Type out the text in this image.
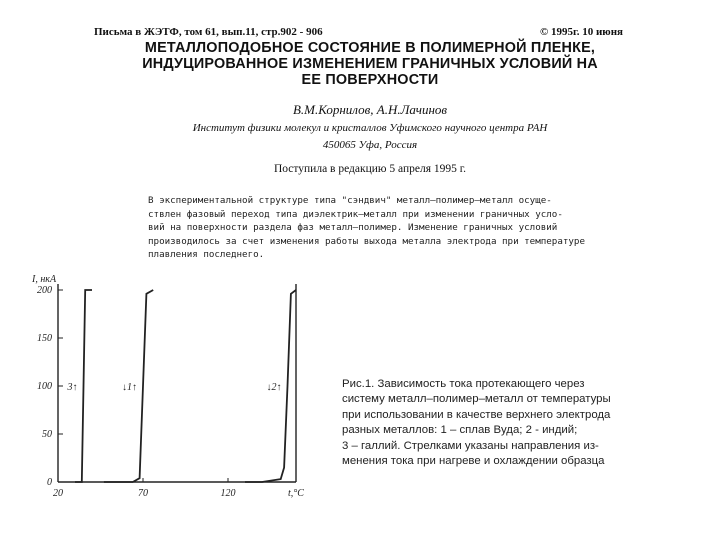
Письма в ЖЭТФ, том 61, вып.11, стр.902 - 906	© 1995г. 10 июня
МЕТАЛЛОПОДОБНОЕ СОСТОЯНИЕ В ПОЛИМЕРНОЙ ПЛЕНКЕ,
ИНДУЦИРОВАННОЕ ИЗМЕНЕНИЕМ ГРАНИЧНЫХ УСЛОВИЙ НА
ЕЕ ПОВЕРХНОСТИ
В.М.Корнилов, А.Н.Лачинов
Институт физики молекул и кристаллов Уфимского научного центра РАН
450065 Уфа, Россия
Поступила в редакцию 5 апреля 1995 г.
В экспериментальной структуре типа "сэндвич" металл–полимер–металл осуще-
ствлен фазовый переход типа диэлектрик–металл при изменении граничных усло-
вий на поверхности раздела фаз металл–полимер. Изменение граничных условий
производилось за счет изменения работы выхода металла электрода при температуре
плавления последнего.
200
150
100
50
0
20	70	120	t,°C
I, нкА
3↑	↓1↑	↓2↑	Рис.1. Зависимость тока протекающего через
систему металл–полимер–металл от температуры
при использовании в качестве верхнего электрода
разных металлов: 1 – сплав Вуда; 2 - индий;
3 – галлий. Стрелками указаны направления из-
менения тока при нагреве и охлаждении образца
